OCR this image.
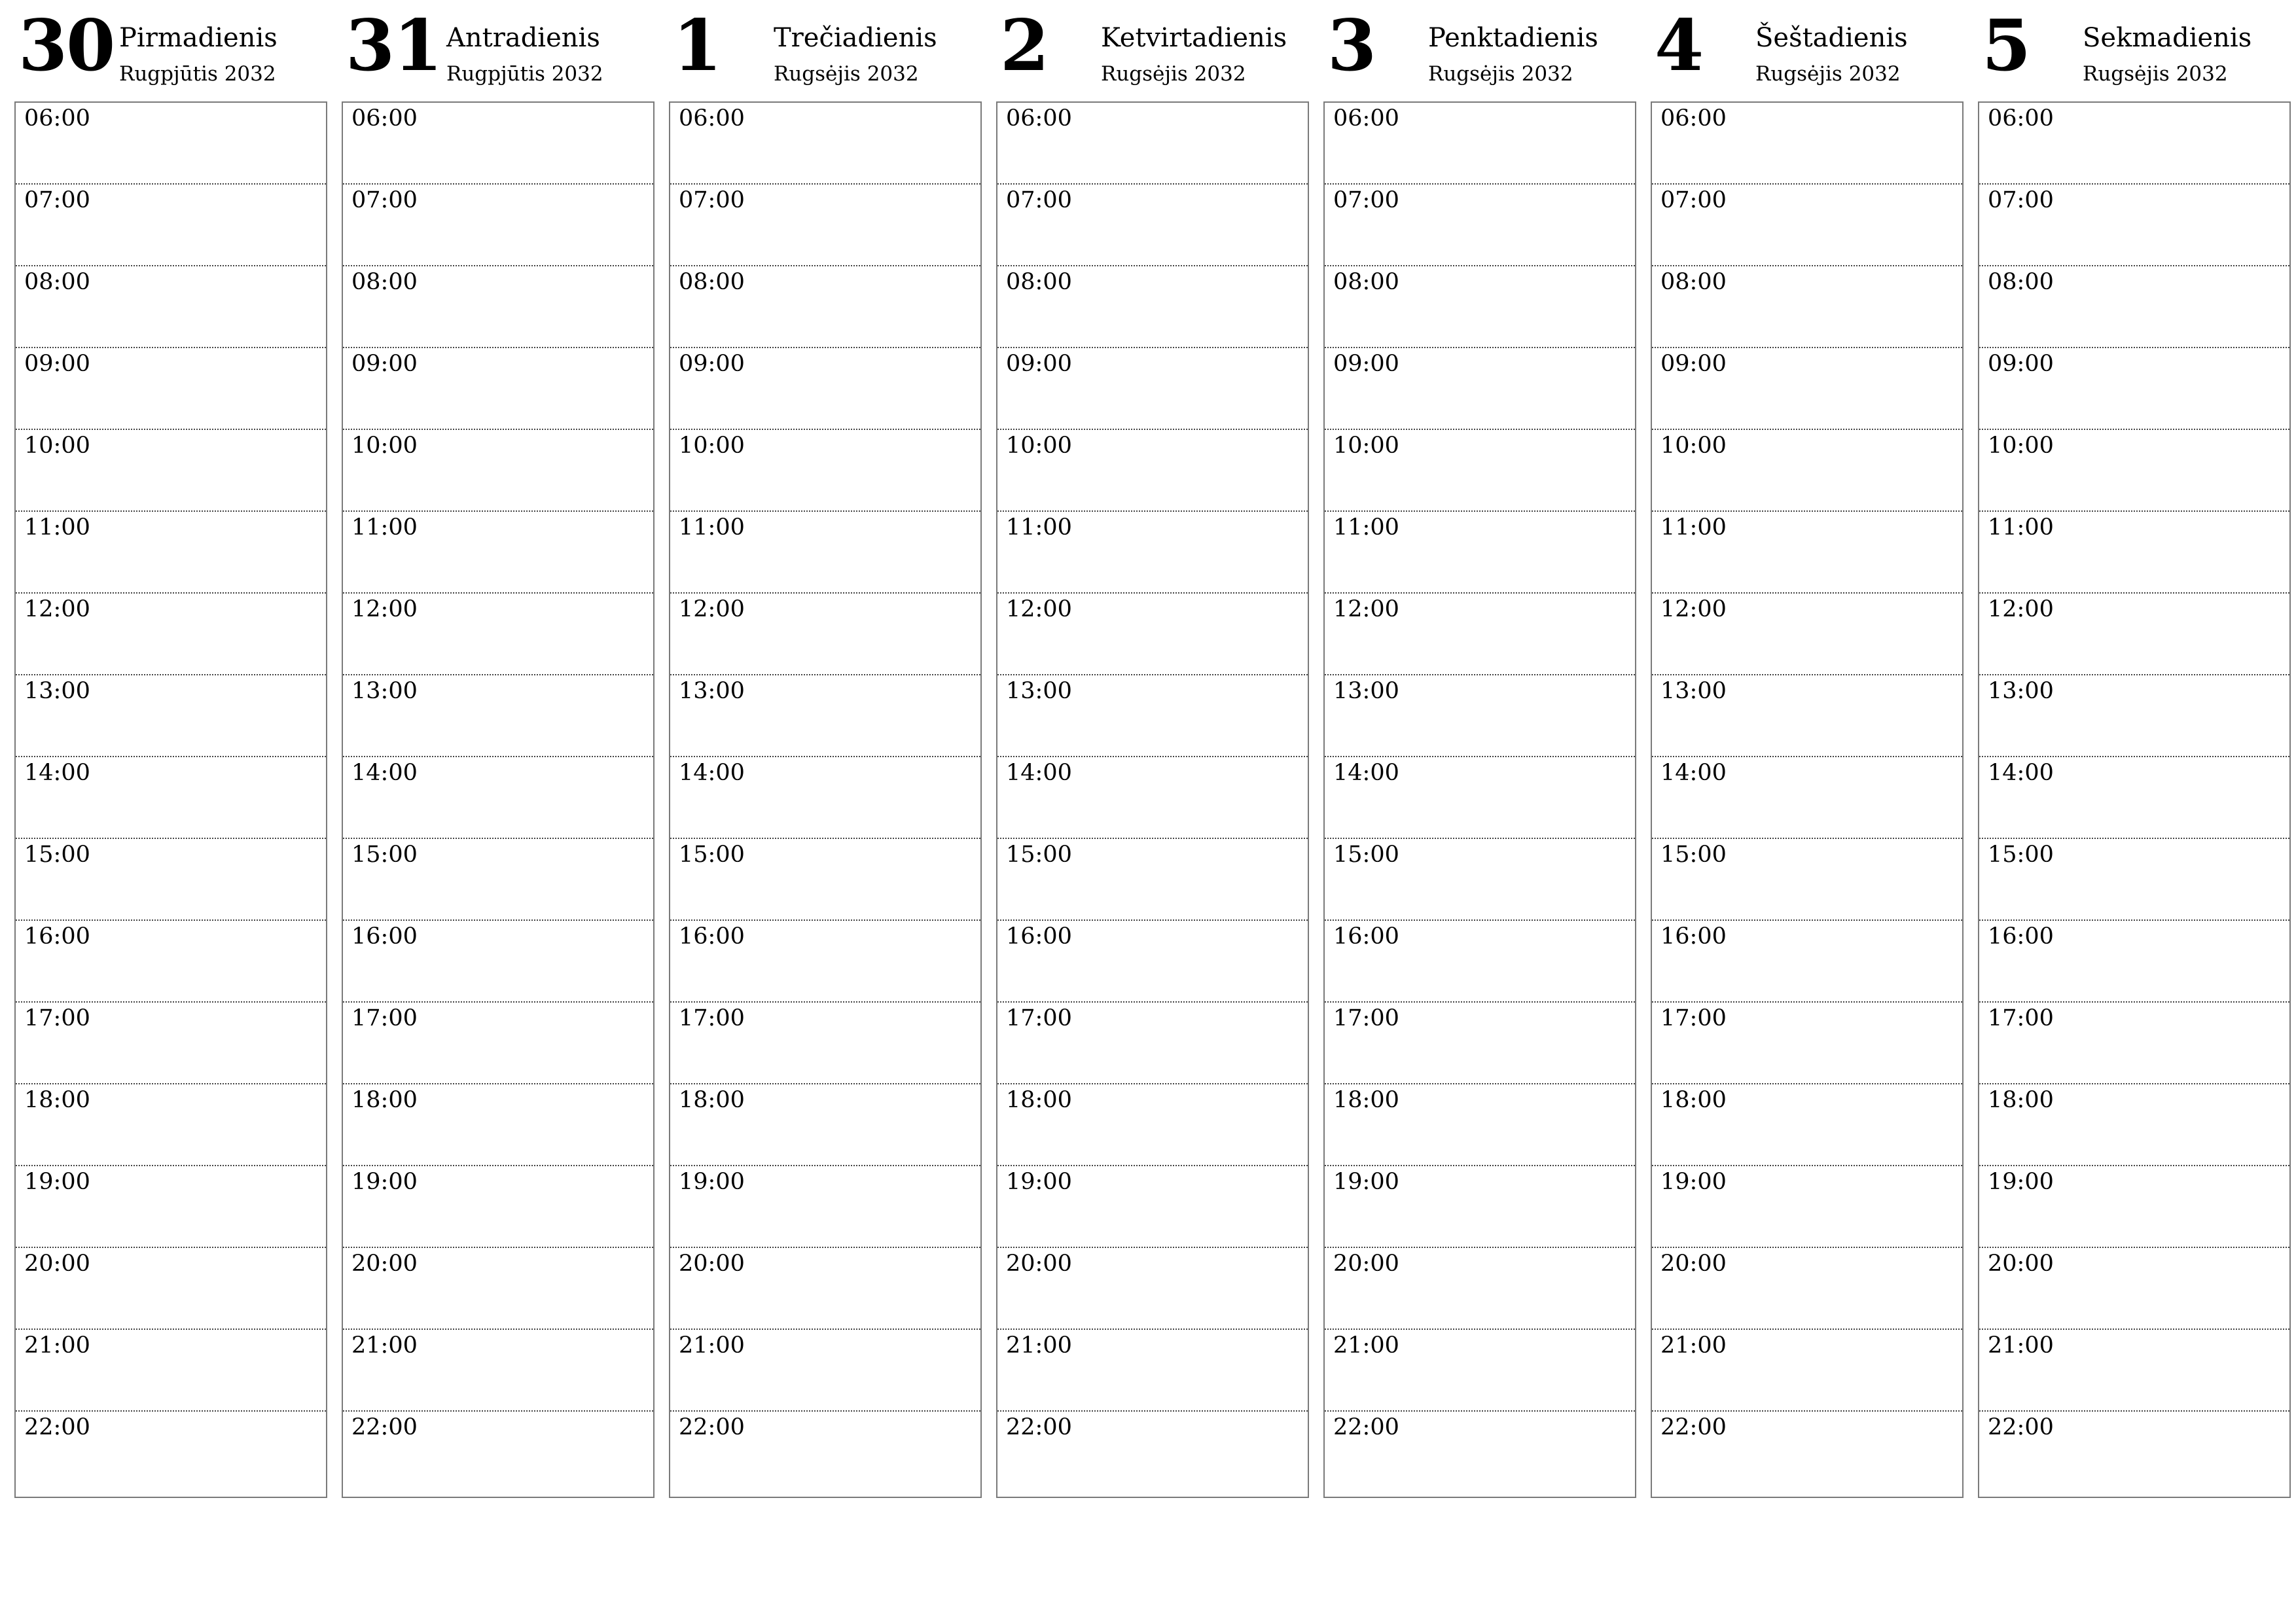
30 Pirmadienis
Rugpjūtis 2032
06:00
07:00
08:00
09:00
10:00
11:00
12:00
13:00
14:00
15:00
16:00
17:00
18:00
19:00
20:00
21:00
22:00
31 Antradienis
Rugpjūtis 2032
06:00
07:00
08:00
09:00
10:00
11:00
12:00
13:00
14:00
15:00
16:00
17:00
18:00
19:00
20:00
21:00
22:00
1 Trečiadienis
Rugsėjis 2032
06:00
07:00
08:00
09:00
10:00
11:00
12:00
13:00
14:00
15:00
16:00
17:00
18:00
19:00
20:00
21:00
22:00
2 Ketvirtadienis
Rugsėjis 2032
06:00
07:00
08:00
09:00
10:00
11:00
12:00
13:00
14:00
15:00
16:00
17:00
18:00
19:00
20:00
21:00
22:00
3 Penktadienis
Rugsėjis 2032
06:00
07:00
08:00
09:00
10:00
11:00
12:00
13:00
14:00
15:00
16:00
17:00
18:00
19:00
20:00
21:00
22:00
4 Šeštadienis
Rugsėjis 2032
06:00
07:00
08:00
09:00
10:00
11:00
12:00
13:00
14:00
15:00
16:00
17:00
18:00
19:00
20:00
21:00
22:00
5 Sekmadienis
Rugsėjis 2032
06:00
07:00
08:00
09:00
10:00
11:00
12:00
13:00
14:00
15:00
16:00
17:00
18:00
19:00
20:00
21:00
22:00
